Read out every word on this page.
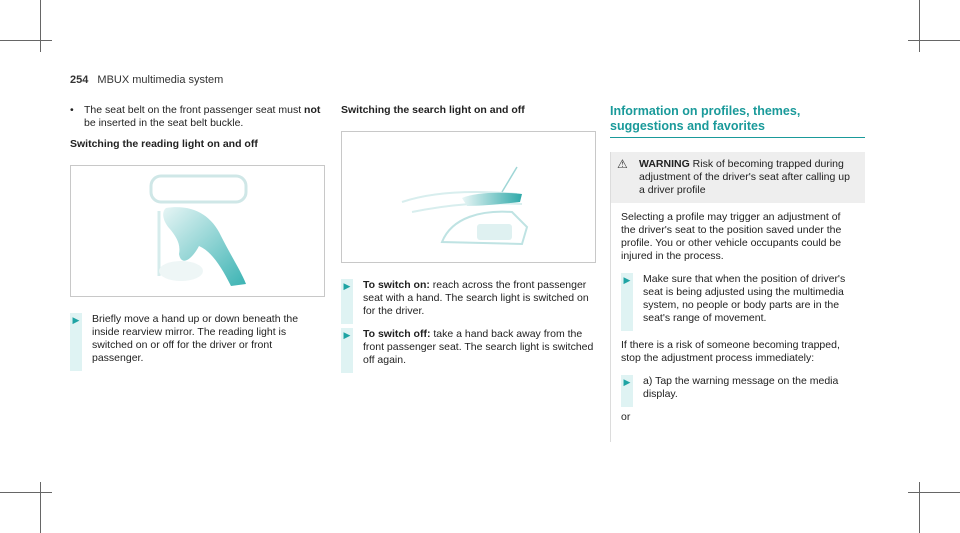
254 MBUX multimedia system
• The seat belt on the front passenger seat must not be inserted in the seat belt buckle.
Switching the reading light on and off
▶ Briefly move a hand up or down beneath the inside rearview mirror. The reading light is switched on or off for the driver or front passenger.
Switching the search light on and off
▶ To switch on: reach across the front passenger seat with a hand. The search light is switched on for the driver.
▶ To switch off: take a hand back away from the front passenger seat. The search light is switched off again.
Information on profiles, themes, suggestions and favorites
⚠	WARNING Risk of becoming trapped during adjustment of the driver's seat after calling up a driver profile

Selecting a profile may trigger an adjustment of the driver's seat to the position saved under the profile. You or other vehicle occupants could be injured in the process.

▶ Make sure that when the position of driver's seat is being adjusted using the multimedia system, no people or body parts are in the seat's range of movement.

If there is a risk of someone becoming trapped, stop the adjustment process immediately:

▶ a) Tap the warning message on the media display.

or
